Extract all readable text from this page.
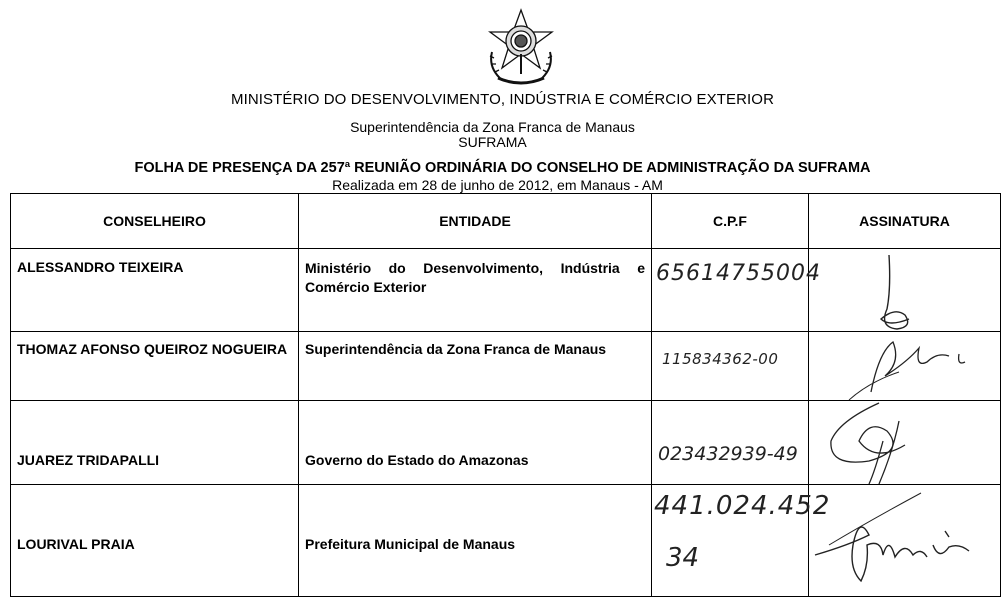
MINISTÉRIO DO DESENVOLVIMENTO, INDÚSTRIA E COMÉRCIO EXTERIOR
Superintendência da Zona Franca de Manaus
SUFRAMA
FOLHA DE PRESENÇA DA 257ª REUNIÃO ORDINÁRIA DO CONSELHO DE ADMINISTRAÇÃO DA SUFRAMA
Realizada em 28 de junho de 2012, em Manaus - AM
CONSELHEIRO	ENTIDADE	C.P.F	ASSINATURA

ALESSANDRO TEIXEIRA	Ministério do Desenvolvimento, Indústria e Comércio Exterior	65614755004

THOMAZ AFONSO QUEIROZ NOGUEIRA	Superintendência da Zona Franca de Manaus	115834362-00

JUAREZ TRIDAPALLI	Governo do Estado do Amazonas	023432939-49

LOURIVAL PRAIA	Prefeitura Municipal de Manaus	441.024.452
34
